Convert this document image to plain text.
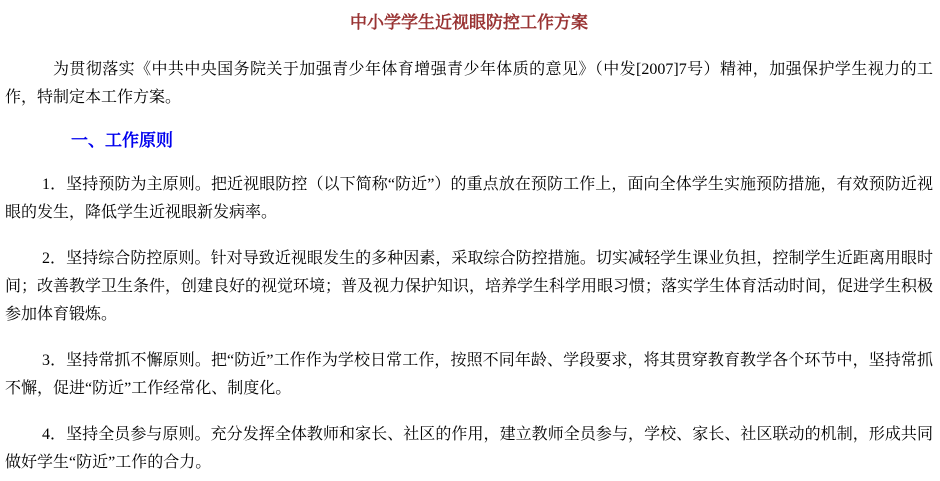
中小学学生近视眼防控工作方案

为贯彻落实《中共中央国务院关于加强青少年体育增强青少年体质的意见》（中发[2007]7号）精神，加强保护学生视力的工作，特制定本工作方案。

一、工作原则

1．坚持预防为主原则。把近视眼防控（以下简称“防近”）的重点放在预防工作上，面向全体学生实施预防措施，有效预防近视眼的发生，降低学生近视眼新发病率。

2．坚持综合防控原则。针对导致近视眼发生的多种因素，采取综合防控措施。切实减轻学生课业负担，控制学生近距离用眼时间；改善教学卫生条件，创建良好的视觉环境；普及视力保护知识，培养学生科学用眼习惯；落实学生体育活动时间，促进学生积极参加体育锻炼。

3．坚持常抓不懈原则。把“防近”工作作为学校日常工作，按照不同年龄、学段要求，将其贯穿教育教学各个环节中，坚持常抓不懈，促进“防近”工作经常化、制度化。

4．坚持全员参与原则。充分发挥全体教师和家长、社区的作用，建立教师全员参与，学校、家长、社区联动的机制，形成共同做好学生“防近”工作的合力。
